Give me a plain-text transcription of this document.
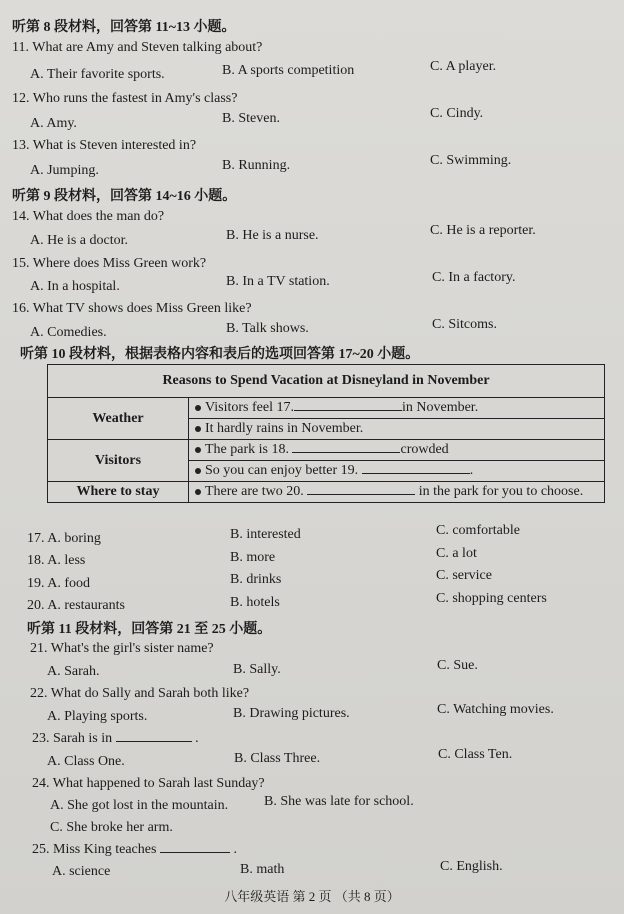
听第 8 段材料，回答第 11~13 小题。
11. What are Amy and Steven talking about?
A. Their favorite sports.	B. A sports competition	C. A player.
12. Who runs the fastest in Amy's class?
A. Amy.	B. Steven.	C. Cindy.
13. What is Steven interested in?
A. Jumping.	B. Running.	C. Swimming.
听第 9 段材料，回答第 14~16 小题。
14. What does the man do?
A. He is a doctor.	B. He is a nurse.	C. He is a reporter.
15. Where does Miss Green work?
A. In a hospital.	B. In a TV station.	C. In a factory.
16. What TV shows does Miss Green like?
A. Comedies.	B. Talk shows.	C. Sitcoms.
听第 10 段材料，根据表格内容和表后的选项回答第 17~20 小题。
Reasons to Spend Vacation at Disneyland in November	
Weather	Visitors feel 17. in November.
	It hardly rains in November.
Visitors	The park is 18. crowded
	So you can enjoy better 19. .
Where to stay	There are two 20. in the park for you to choose.
17. A. boring	B. interested	C. comfortable
18. A. less	B. more	C. a lot
19. A. food	B. drinks	C. service
20. A. restaurants	B. hotels	C. shopping centers
听第 11 段材料，回答第 21 至 25 小题。
21. What's the girl's sister name?
A. Sarah.	B. Sally.	C. Sue.
22. What do Sally and Sarah both like?
A. Playing sports.	B. Drawing pictures.	C. Watching movies.
23. Sarah is in	.
A. Class One.	B. Class Three.	C. Class Ten.
24. What happened to Sarah last Sunday?
A. She got lost in the mountain.	B. She was late for school.
C. She broke her arm.
25. Miss King teaches	.
A. science	B. math	C. English.
八年级英语 第 2 页 （共 8 页）
